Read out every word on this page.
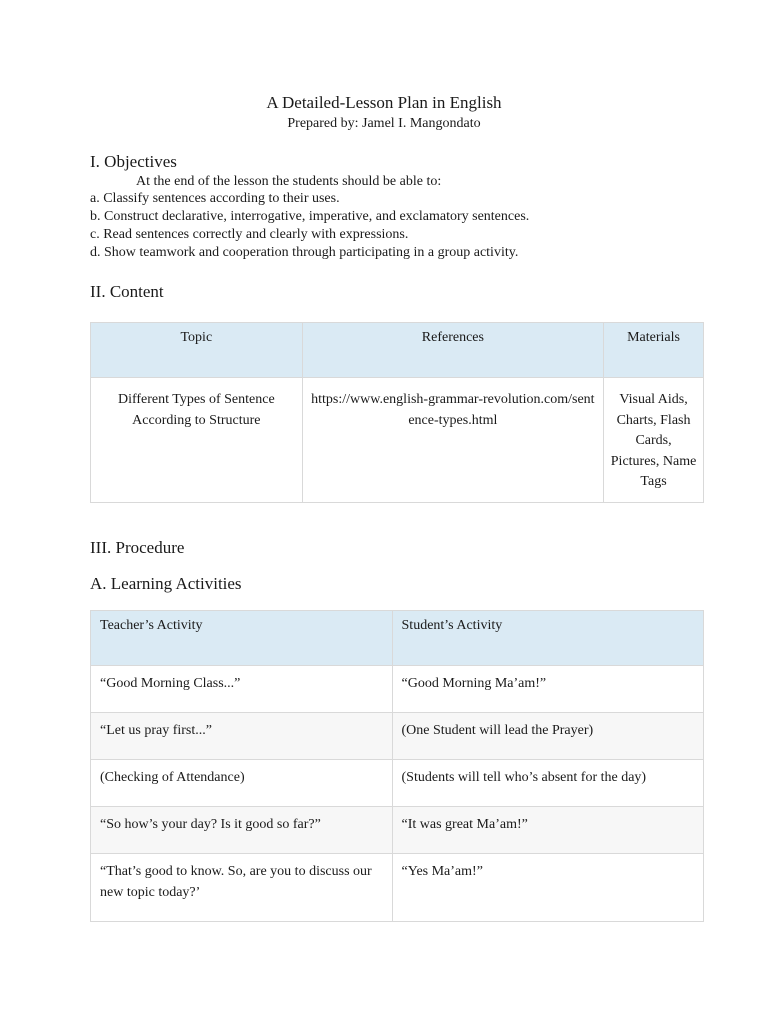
A Detailed-Lesson Plan in English
Prepared by: Jamel I. Mangondato
I. Objectives
At the end of the lesson the students should be able to:
a. Classify sentences according to their uses.
b. Construct declarative, interrogative, imperative, and exclamatory sentences.
c. Read sentences correctly and clearly with expressions.
d. Show teamwork and cooperation through participating in a group activity.
II. Content
Topic	References	Materials
Different Types of Sentence According to Structure	https://www.english-grammar-revolution.com/sentence-types.html	Visual Aids, Charts, Flash Cards, Pictures, Name Tags
III. Procedure
A. Learning Activities
Teacher’s Activity	Student’s Activity
“Good Morning Class...”	“Good Morning Ma’am!”
“Let us pray first...”	(One Student will lead the Prayer)
(Checking of Attendance)	(Students will tell who’s absent for the day)
“So how’s your day? Is it good so far?”	“It was great Ma’am!”
“That’s good to know. So, are you to discuss our new topic today?’	“Yes Ma’am!”
